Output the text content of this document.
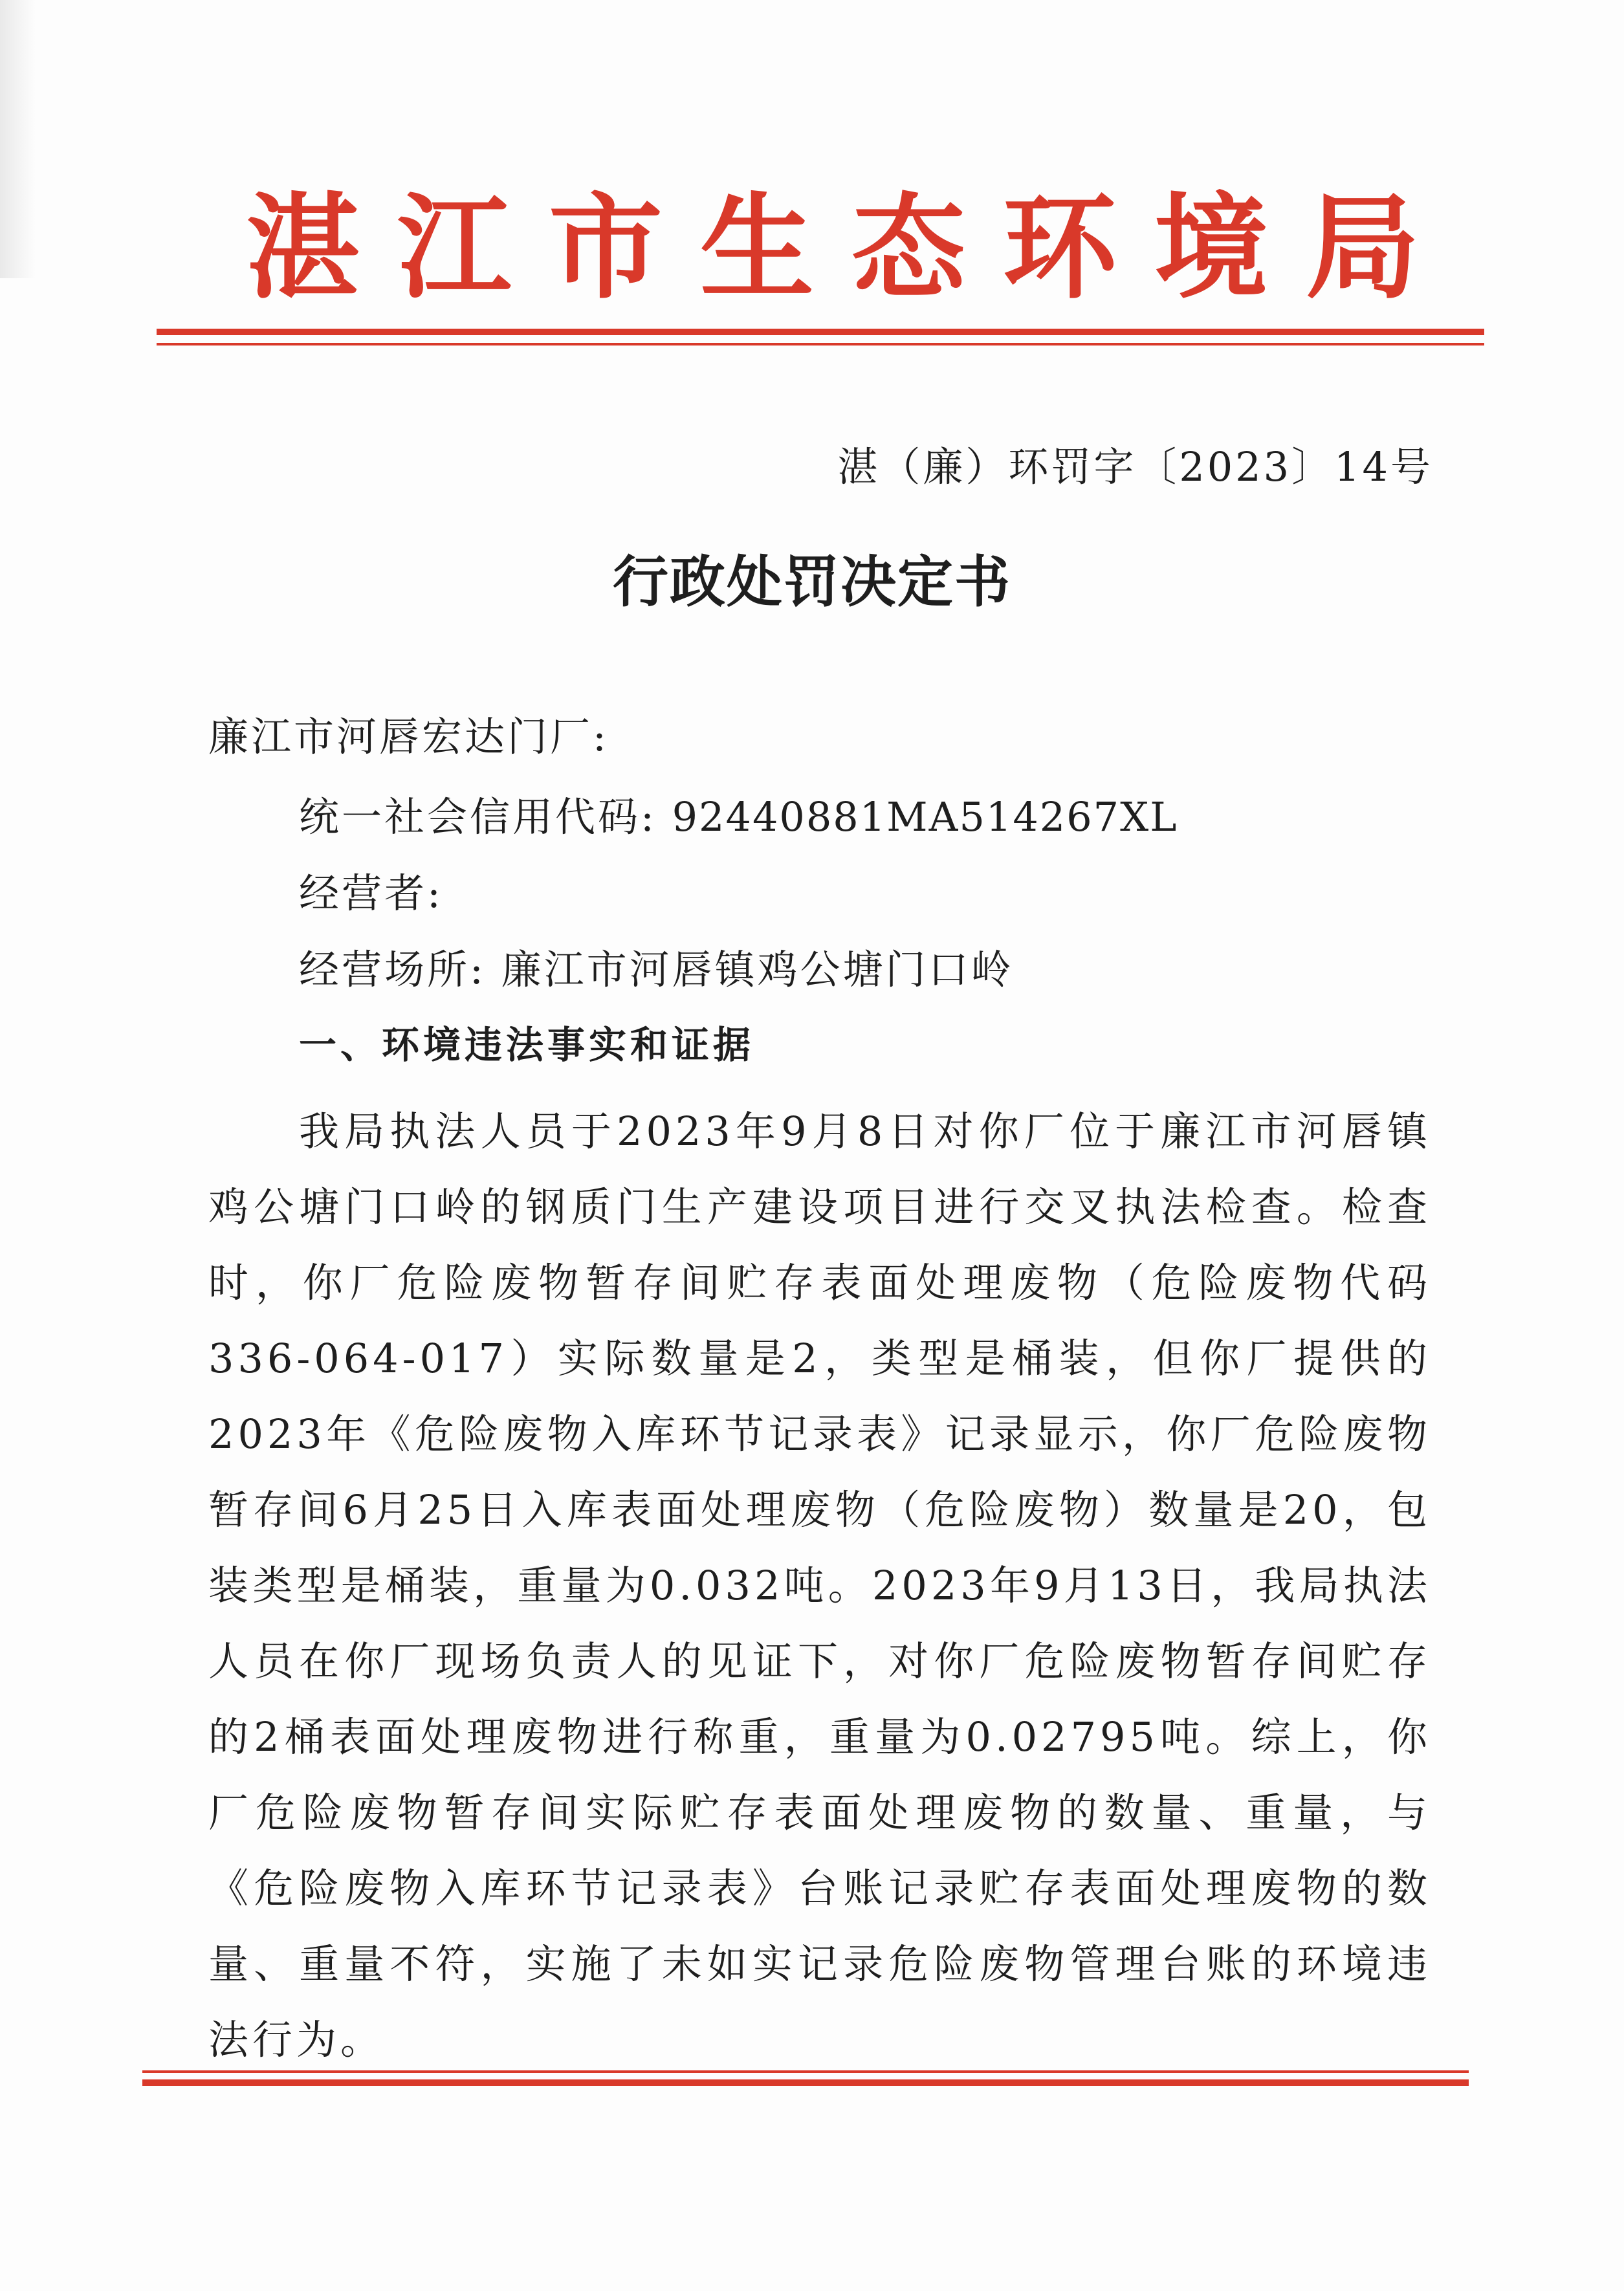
湛江市生态环境局
湛（廉）环罚字〔2023〕14号
行政处罚决定书
廉江市河唇宏达门厂:
统一社会信用代码: 92440881MA514267XL
经营者:
经营场所: 廉江市河唇镇鸡公塘门口岭
一、环境违法事实和证据
我局执法人员于2023年9月8日对你厂位于廉江市河唇镇鸡公塘门口岭的钢质门生产建设项目进行交叉执法检查。检查时，你厂危险废物暂存间贮存表面处理废物（危险废物代码336-064-017）实际数量是2，类型是桶装，但你厂提供的2023年《危险废物入库环节记录表》记录显示，你厂危险废物暂存间6月25日入库表面处理废物（危险废物）数量是20，包装类型是桶装，重量为0.032吨。2023年9月13日，我局执法人员在你厂现场负责人的见证下，对你厂危险废物暂存间贮存的2桶表面处理废物进行称重，重量为0.02795吨。综上，你厂危险废物暂存间实际贮存表面处理废物的数量、重量，与《危险废物入库环节记录表》台账记录贮存表面处理废物的数量、重量不符，实施了未如实记录危险废物管理台账的环境违法行为。
